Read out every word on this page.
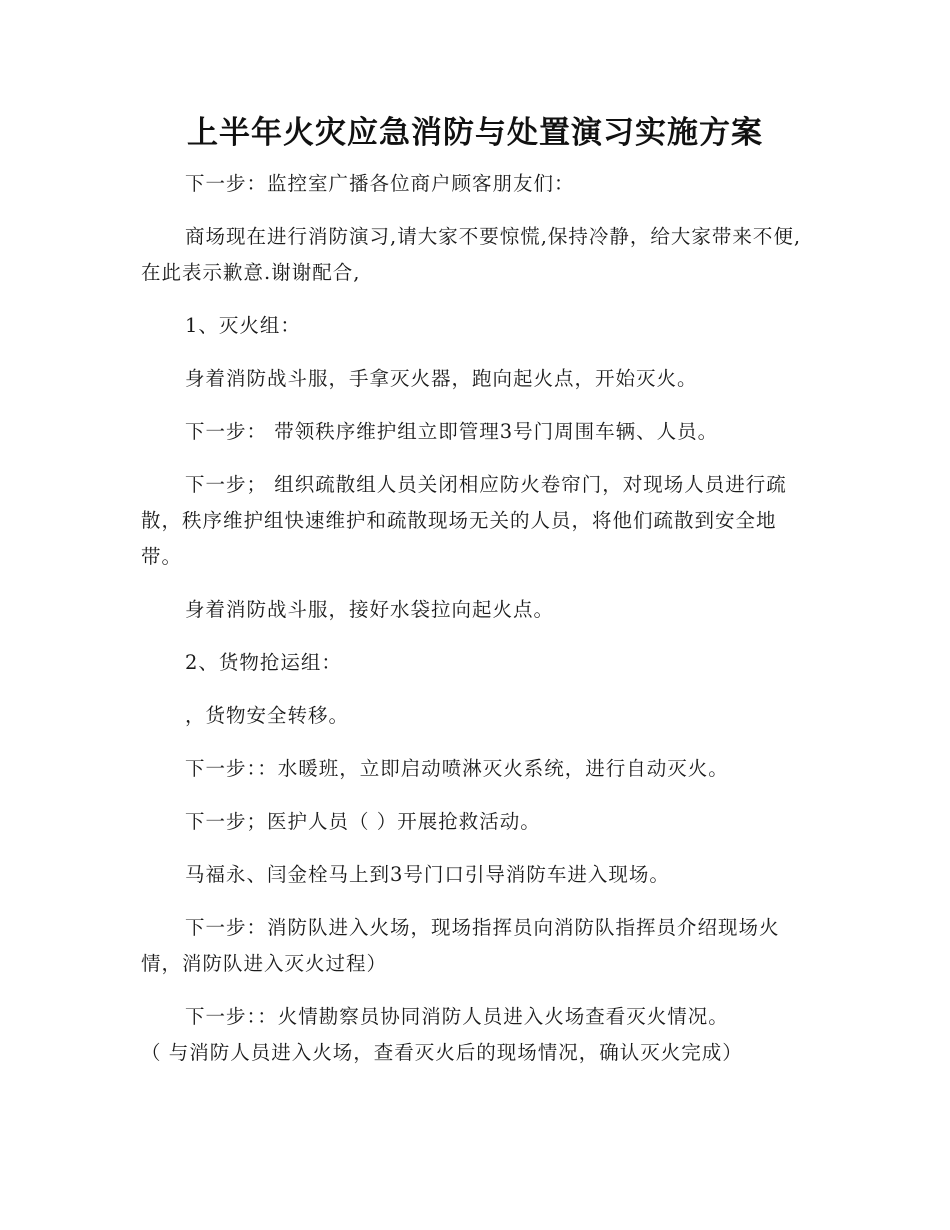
上半年火灾应急消防与处置演习实施方案

下一步：监控室广播各位商户顾客朋友们：

商场现在进行消防演习,请大家不要惊慌,保持冷静，给大家带来不便,在此表示歉意.谢谢配合,

1、灭火组：

身着消防战斗服，手拿灭火器，跑向起火点，开始灭火。

下一步： 带领秩序维护组立即管理3号门周围车辆、人员。

下一步； 组织疏散组人员关闭相应防火卷帘门，对现场人员进行疏散，秩序维护组快速维护和疏散现场无关的人员，将他们疏散到安全地带。

身着消防战斗服，接好水袋拉向起火点。

2、货物抢运组：

，货物安全转移。

下一步：：水暖班，立即启动喷淋灭火系统，进行自动灭火。

下一步；医护人员（ ）开展抢救活动。

马福永、闫金栓马上到3号门口引导消防车进入现场。

下一步：消防队进入火场，现场指挥员向消防队指挥员介绍现场火情，消防队进入灭火过程）

下一步：：火情勘察员协同消防人员进入火场查看灭火情况。

（ 与消防人员进入火场，查看灭火后的现场情况，确认灭火完成）
